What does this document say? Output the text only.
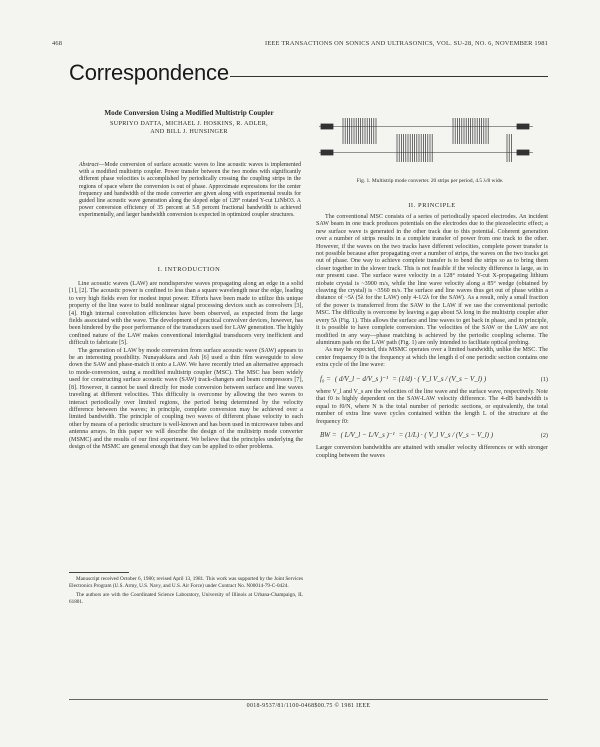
468	IEEE TRANSACTIONS ON SONICS AND ULTRASONICS, VOL. SU-28, NO. 6, NOVEMBER 1981
Correspondence
Mode Conversion Using a Modified Multistrip Coupler
SUPRIYO DATTA, MICHAEL J. HOSKINS, R. ADLER,
AND BILL J. HUNSINGER
Abstract—Mode conversion of surface acoustic waves to line acoustic waves is implemented with a modified multistrip coupler. Power transfer between the two modes with significantly different phase velocities is accomplished by periodically crossing the coupling strips in the regions of space where the conversion is out of phase. Approximate expressions for the center frequency and bandwidth of the mode converter are given along with experimental results for guided line acoustic wave generation along the sloped edge of 128° rotated Y-cut LiNbO3. A power conversion efficiency of 35 percent at 5.8 percent fractional bandwidth is achieved experimentally, and larger bandwidth conversion is expected in optimized coupler structures.
I. INTRODUCTION

Line acoustic waves (LAW) are nondispersive waves propagating along an edge in a solid [1], [2]. The acoustic power is confined to less than a square wavelength near the edge, leading to very high fields even for modest input power. Efforts have been made to utilize this unique property of the line wave to build nonlinear signal processing devices such as convolvers [3], [4]. High internal convolution efficiencies have been observed, as expected from the large fields associated with the wave. The development of practical convolver devices, however, has been hindered by the poor performance of the transducers used for LAW generation. The highly confined nature of the LAW makes conventional interdigital transducers very inefficient and difficult to fabricate [5].

The generation of LAW by mode conversion from surface acoustic wave (SAW) appears to be an interesting possibility. Nunayakkara and Ash [6] used a thin film waveguide to slow down the SAW and phase-match it onto a LAW. We have recently tried an alternative approach to mode-conversion, using a modified multistrip coupler (MSC). The MSC has been widely used for constructing surface acoustic wave (SAW) track-changers and beam compressors [7], [8]. However, it cannot be used directly for mode conversion between surface and line waves traveling at different velocities. This difficulty is overcome by allowing the two waves to interact periodically over limited regions, the period being determined by the velocity difference between the waves; in principle, complete conversion may be achieved over a limited bandwidth. The principle of coupling two waves of different phase velocity to each other by means of a periodic structure is well-known and has been used in microwave tubes and antenna arrays. In this paper we will describe the design of the multistrip mode converter (MSMC) and the results of our first experiment. We believe that the principles underlying the design of the MSMC are general enough that they can be applied to other problems.

Manuscript received October 6, 1980; revised April 13, 1981. This work was supported by the Joint Services Electronics Program (U.S. Army, U.S. Navy, and U.S. Air Force) under Contract No. N00014-79-C-0424.

The authors are with the Coordinated Science Laboratory, University of Illinois at Urbana-Champaign, IL 61801.

Fig. 1. Multistrip mode converter. 20 strips per period, 4.5 λ/8 wide.
II. PRINCIPLE

The conventional MSC consists of a series of periodically spaced electrodes. An incident SAW beam in one track produces potentials on the electrodes due to the piezoelectric effect; a new surface wave is generated in the other track due to this potential. Coherent generation over a number of strips results in a complete transfer of power from one track to the other. However, if the waves on the two tracks have different velocities, complete power transfer is not possible because after propagating over a number of strips, the waves on the two tracks get out of phase. One way to achieve complete transfer is to bend the strips so as to bring them closer together in the slower track. This is not feasible if the velocity difference is large, as in our present case. The surface wave velocity in a 128° rotated Y-cut X-propagating lithium niobate crystal is ~3900 m/s, while the line wave velocity along a 85° wedge (obtained by cleaving the crystal) is ~3560 m/s. The surface and line waves thus get out of phase within a distance of ~5λ (5λ for the LAW) only 4-1/2λ for the SAW). As a result, only a small fraction of the power is transferred from the SAW to the LAW if we use the conventional periodic MSC. The difficulty is overcome by leaving a gap about 5λ long in the multistrip coupler after every 5λ (Fig. 1). This allows the surface and line waves to get back in phase, and in principle, it is possible to have complete conversion. The velocities of the SAW or the LAW are not modified in any way—phase matching is achieved by the periodic coupling scheme. The aluminum pads on the LAW path (Fig. 1) are only intended to facilitate optical probing.

As may be expected, this MSMC operates over a limited bandwidth, unlike the MSC. The center frequency f0 is the frequency at which the length d of one periodic section contains one extra cycle of the line wave:

f₀ = ( d/V_l − d/V_s )⁻¹ = (1/d) · ( V_l V_s / (V_s − V_l) )	(1)

where V_l and V_s are the velocities of the line wave and the surface wave, respectively. Note that f0 is highly dependent on the SAW-LAW velocity difference. The 4-dB bandwidth is equal to f0/N, where N is the total number of periodic sections, or equivalently, the total number of extra line wave cycles contained within the length L of the structure at the frequency f0:

BW = ( L/V_l − L/V_s )⁻¹ = (1/L) · ( V_l V_s / (V_s − V_l) )	(2)

Larger conversion bandwidths are attained with smaller velocity differences or with stronger coupling between the waves

0018-9537/81/1100-0468$00.75 © 1981 IEEE
